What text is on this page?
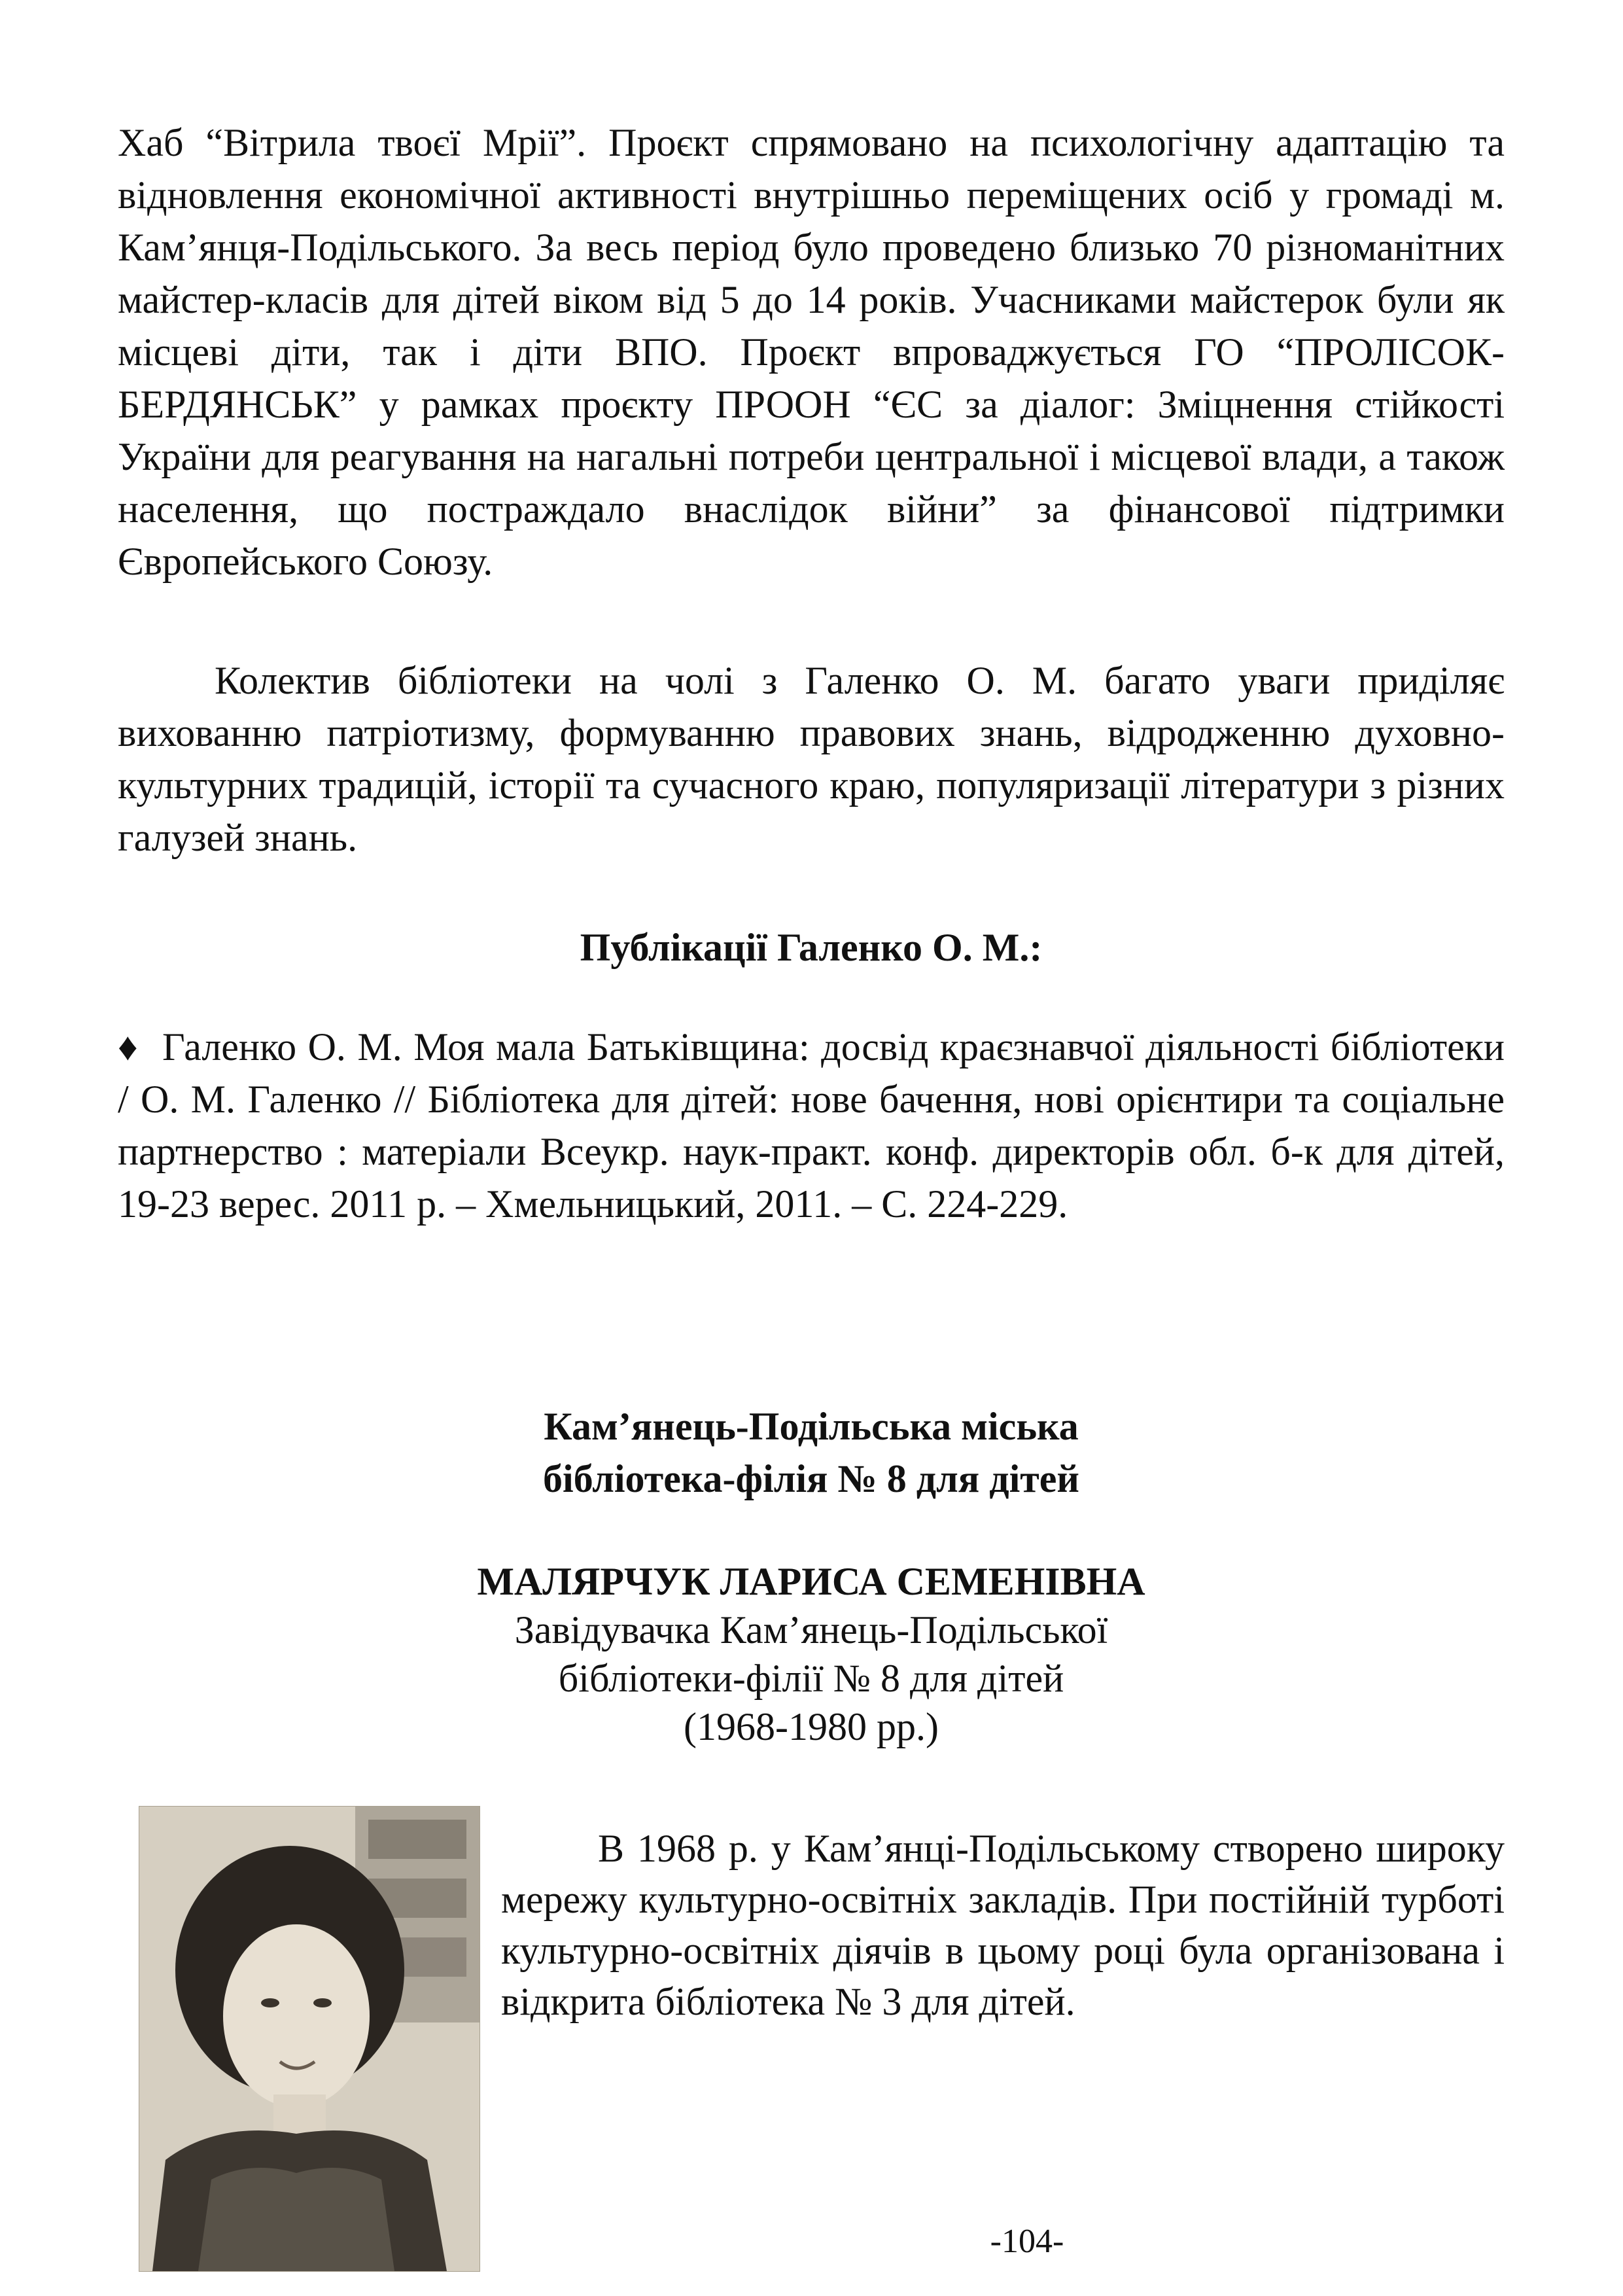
Хаб “Вітрила твоєї Мрії”. Проєкт спрямовано на психологічну адаптацію та відновлення економічної активності внутрішньо переміщених осіб у громаді м. Кам’янця-Подільського. За весь період було проведено близько 70 різноманітних майстер-класів для дітей віком від 5 до 14 років. Учасниками майстерок були як місцеві діти, так і діти ВПО. Проєкт впроваджується ГО “ПРОЛІСОК-БЕРДЯНСЬК” у рамках проєкту ПРООН “ЄС за діалог: Зміцнення стійкості України для реагування на нагальні потреби центральної і місцевої влади, а також населення, що постраждало внаслідок війни” за фінансової підтримки Європейського Союзу.
Колектив бібліотеки на чолі з Галенко О. М. багато уваги приділяє вихованню патріотизму, формуванню правових знань, відродженню духовно-культурних традицій, історії та сучасного краю, популяризації літератури з різних галузей знань.
Публікації Галенко О. М.:
♦ Галенко О. М. Моя мала Батьківщина: досвід краєзнавчої діяльності бібліотеки / О. М. Галенко // Бібліотека для дітей: нове бачення, нові орієнтири та соціальне партнерство : матеріали Всеукр. наук-практ. конф. директорів обл. б-к для дітей, 19-23 верес. 2011 р. – Хмельницький, 2011. – С. 224-229.
Кам’янець-Подільська міська
бібліотека-філія № 8 для дітей
МАЛЯРЧУК ЛАРИСА СЕМЕНІВНА
Завідувачка Кам’янець-Подільської
бібліотеки-філії № 8 для дітей
(1968-1980 рр.)
В 1968 р. у Кам’янці-Подільському створено широку мережу культурно-освітніх закладів. При постійній турботі культурно-освітніх діячів в цьому році була організована і відкрита бібліотека № 3 для дітей.
-104-
